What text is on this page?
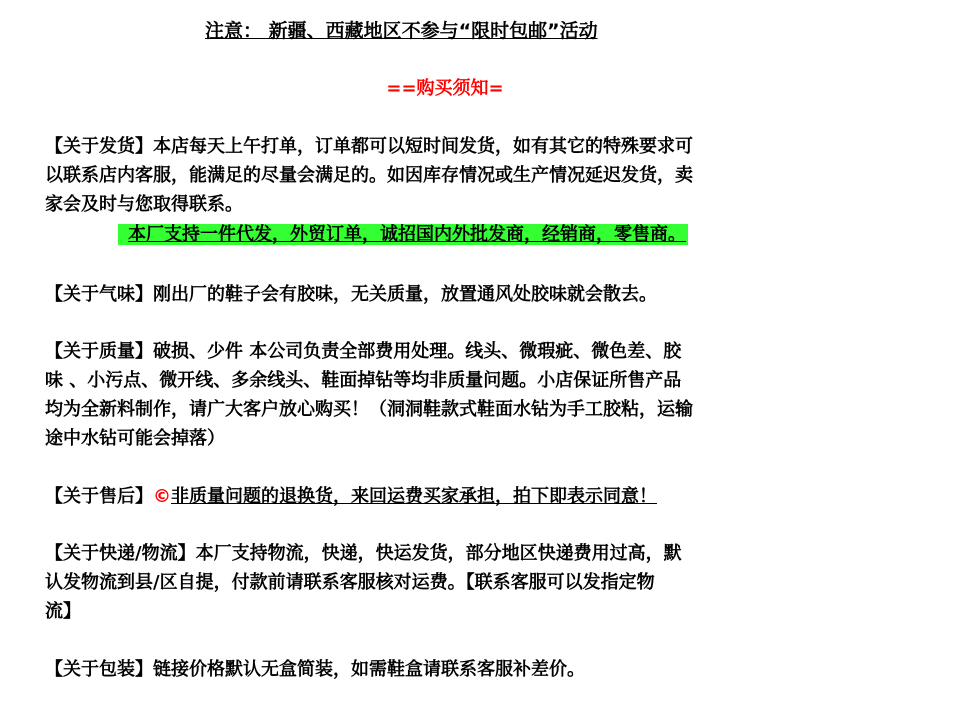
注意： 新疆、西藏地区不参与“限时包邮”活动
==购买须知=
【关于发货】本店每天上午打单，订单都可以短时间发货，如有其它的特殊要求可
以联系店内客服，能满足的尽量会满足的。如因库存情况或生产情况延迟发货，卖
家会及时与您取得联系。
本厂支持一件代发，外贸订单，诚招国内外批发商，经销商，零售商。
【关于气味】刚出厂的鞋子会有胶味，无关质量，放置通风处胶味就会散去。
【关于质量】破损、少件 本公司负责全部费用处理。线头、微瑕疵、微色差、胶
味 、小污点、微开线、多余线头、鞋面掉钻等均非质量问题。小店保证所售产品
均为全新料制作，请广大客户放心购买！（洞洞鞋款式鞋面水钻为手工胶粘，运输
途中水钻可能会掉落）
【关于售后】©非质量问题的退换货，来回运费买家承担，拍下即表示同意！
【关于快递/物流】本厂支持物流，快递，快运发货，部分地区快递费用过高，默
认发物流到县/区自提，付款前请联系客服核对运费。【联系客服可以发指定物
流】
【关于包装】链接价格默认无盒简装，如需鞋盒请联系客服补差价。
